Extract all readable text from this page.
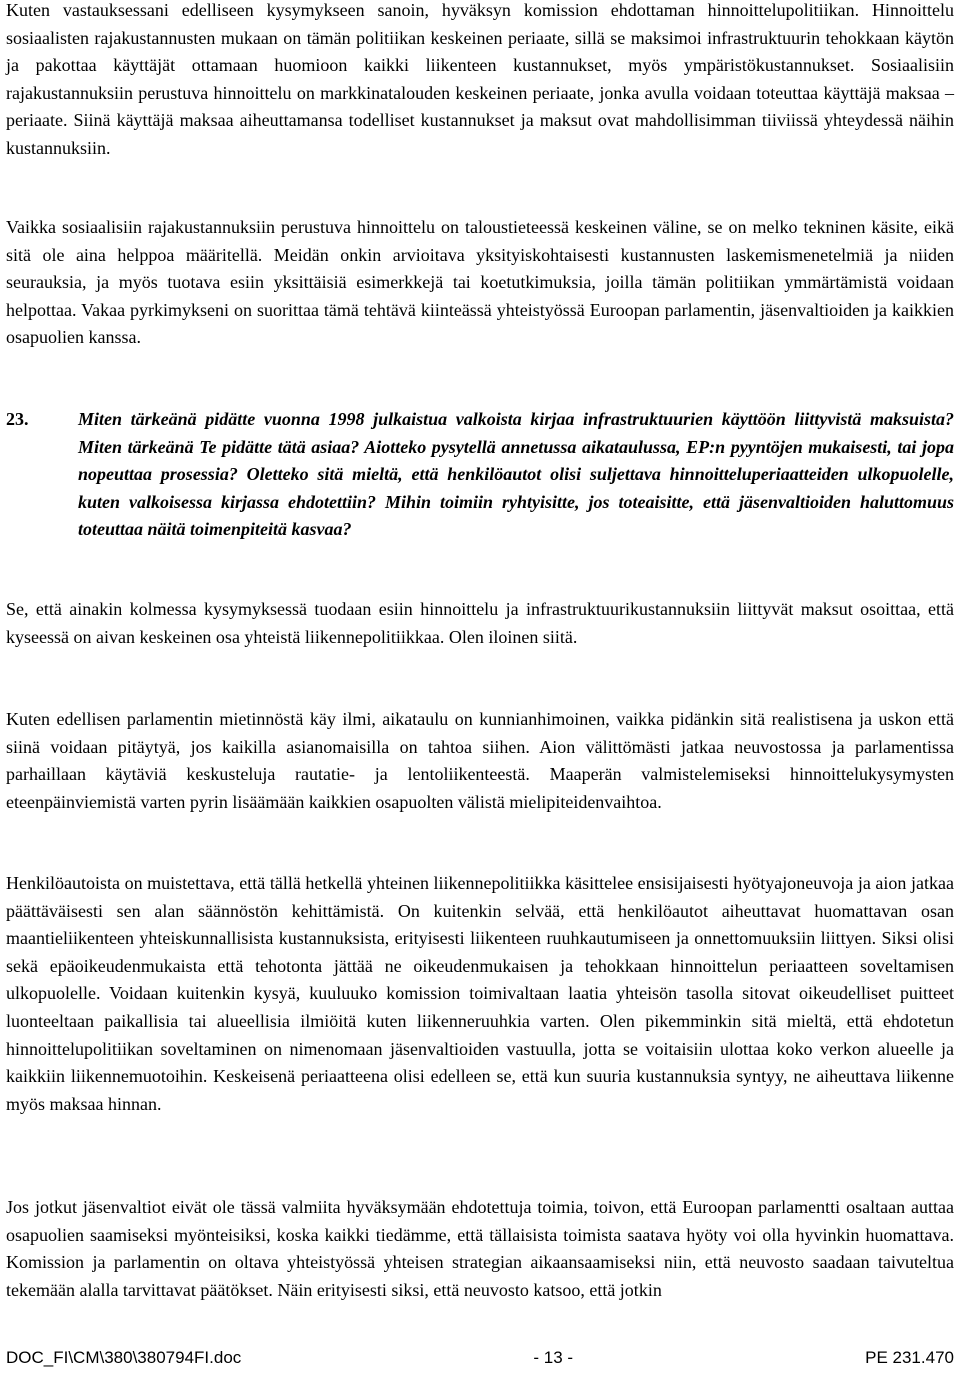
Kuten vastauksessani edelliseen kysymykseen sanoin, hyväksyn komission ehdottaman hinnoittelupolitiikan. Hinnoittelu sosiaalisten rajakustannusten mukaan on tämän politiikan keskeinen periaate, sillä se maksimoi infrastruktuurin tehokkaan käytön ja pakottaa käyttäjät ottamaan huomioon kaikki liikenteen kustannukset, myös ympäristökustannukset. Sosiaalisiin rajakustannuksiin perustuva hinnoittelu on markkinatalouden keskeinen periaate, jonka avulla voidaan toteuttaa käyttäjä maksaa –periaate. Siinä käyttäjä maksaa aiheuttamansa todelliset kustannukset ja maksut ovat mahdollisimman tiiviissä yhteydessä näihin kustannuksiin.

Vaikka sosiaalisiin rajakustannuksiin perustuva hinnoittelu on taloustieteessä keskeinen väline, se on melko tekninen käsite, eikä sitä ole aina helppoa määritellä. Meidän onkin arvioitava yksityiskohtaisesti kustannusten laskemismenetelmiä ja niiden seurauksia, ja myös tuotava esiin yksittäisiä esimerkkejä tai koetutkimuksia, joilla tämän politiikan ymmärtämistä voidaan helpottaa. Vakaa pyrkimykseni on suorittaa tämä tehtävä kiinteässä yhteistyössä Euroopan parlamentin, jäsenvaltioiden ja kaikkien osapuolien kanssa.

23.	Miten tärkeänä pidätte vuonna 1998 julkaistua valkoista kirjaa infrastruktuurien käyttöön liittyvistä maksuista? Miten tärkeänä Te pidätte tätä asiaa? Aiotteko pysytellä annetussa aikataulussa, EP:n pyyntöjen mukaisesti, tai jopa nopeuttaa prosessia? Oletteko sitä mieltä, että henkilöautot olisi suljettava hinnoitteluperiaatteiden ulkopuolelle, kuten valkoisessa kirjassa ehdotettiin? Mihin toimiin ryhtyisitte, jos toteaisitte, että jäsenvaltioiden haluttomuus toteuttaa näitä toimenpiteitä kasvaa?

Se, että ainakin kolmessa kysymyksessä tuodaan esiin hinnoittelu ja infrastruktuurikustannuksiin liittyvät maksut osoittaa, että kyseessä on aivan keskeinen osa yhteistä liikennepolitiikkaa. Olen iloinen siitä.

Kuten edellisen parlamentin mietinnöstä käy ilmi, aikataulu on kunnianhimoinen, vaikka pidänkin sitä realistisena ja uskon että siinä voidaan pitäytyä, jos kaikilla asianomaisilla on tahtoa siihen. Aion välittömästi jatkaa neuvostossa ja parlamentissa parhaillaan käytäviä keskusteluja rautatie- ja lentoliikenteestä. Maaperän valmistelemiseksi hinnoittelukysymysten eteenpäinviemistä varten pyrin lisäämään kaikkien osapuolten välistä mielipiteidenvaihtoa.

Henkilöautoista on muistettava, että tällä hetkellä yhteinen liikennepolitiikka käsittelee ensisijaisesti hyötyajoneuvoja ja aion jatkaa päättäväisesti sen alan säännöstön kehittämistä. On kuitenkin selvää, että henkilöautot aiheuttavat huomattavan osan maantieliikenteen yhteiskunnallisista kustannuksista, erityisesti liikenteen ruuhkautumiseen ja onnettomuuksiin liittyen. Siksi olisi sekä epäoikeudenmukaista että tehotonta jättää ne oikeudenmukaisen ja tehokkaan hinnoittelun periaatteen soveltamisen ulkopuolelle. Voidaan kuitenkin kysyä, kuuluuko komission toimivaltaan laatia yhteisön tasolla sitovat oikeudelliset puitteet luonteeltaan paikallisia tai alueellisia ilmiöitä kuten liikenneruuhkia varten. Olen pikemminkin sitä mieltä, että ehdotetun hinnoittelupolitiikan soveltaminen on nimenomaan jäsenvaltioiden vastuulla, jotta se voitaisiin ulottaa koko verkon alueelle ja kaikkiin liikennemuotoihin. Keskeisenä periaatteena olisi edelleen se, että kun suuria kustannuksia syntyy, ne aiheuttava liikenne myös maksaa hinnan.

Jos jotkut jäsenvaltiot eivät ole tässä valmiita hyväksymään ehdotettuja toimia, toivon, että Euroopan parlamentti osaltaan auttaa osapuolien saamiseksi myönteisiksi, koska kaikki tiedämme, että tällaisista toimista saatava hyöty voi olla hyvinkin huomattava. Komission ja parlamentin on oltava yhteistyössä yhteisen strategian aikaansaamiseksi niin, että neuvosto saadaan taivuteltua tekemään alalla tarvittavat päätökset. Näin erityisesti siksi, että neuvosto katsoo, että jotkin

DOC_FI\CM\380\380794FI.doc	- 13 -	PE 231.470
